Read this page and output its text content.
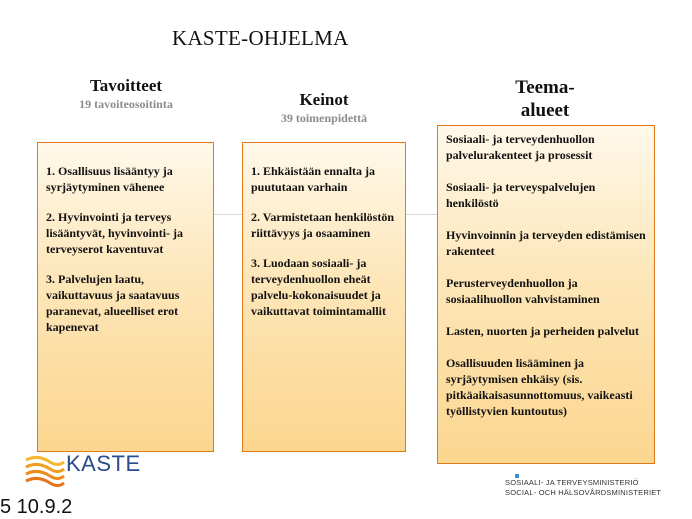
KASTE-OHJELMA
Tavoitteet
19 tavoiteosoitinta	Keinot
39 toimenpidettä
Teema-
alueet
1. Osallisuus lisääntyy ja syrjäytyminen vähenee
2. Hyvinvointi ja terveys lisääntyvät, hyvinvointi- ja terveyserot kaventuvat
3. Palvelujen laatu, vaikuttavuus ja saatavuus paranevat, alueelliset erot kapenevat
1. Ehkäistään ennalta ja puututaan varhain
2. Varmistetaan henkilöstön riittävyys ja osaaminen
3. Luodaan sosiaali- ja terveydenhuollon eheät palvelu-kokonaisuudet ja vaikuttavat toimintamallit
Sosiaali- ja terveydenhuollon palvelurakenteet ja prosessit
Sosiaali- ja terveyspalvelujen henkilöstö
Hyvinvoinnin ja terveyden edistämisen rakenteet
Perusterveydenhuollon ja sosiaalihuollon vahvistaminen
Lasten, nuorten ja perheiden palvelut
Osallisuuden lisääminen ja syrjäytymisen ehkäisy (sis. pitkäaikaisasunnottomuus, vaikeasti työllistyvien kuntoutus)
KASTE
SOSIAALI- JA TERVEYSMINISTERIÖ
SOCIAL- OCH HÄLSOVÅRDSMINISTERIET
5 10.9.2
